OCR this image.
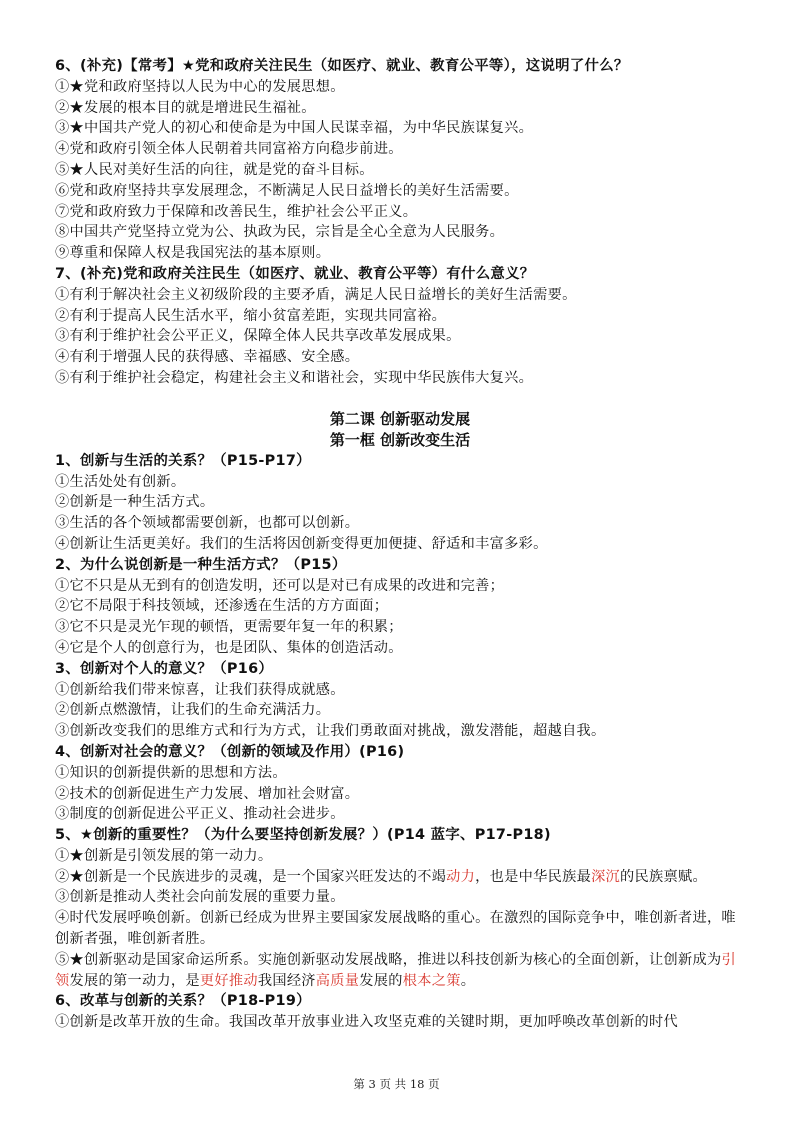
6、(补充)【常考】★党和政府关注民生（如医疗、就业、教育公平等），这说明了什么？
①★党和政府坚持以人民为中心的发展思想。
②★发展的根本目的就是增进民生福祉。
③★中国共产党人的初心和使命是为中国人民谋幸福，为中华民族谋复兴。
④党和政府引领全体人民朝着共同富裕方向稳步前进。
⑤★人民对美好生活的向往，就是党的奋斗目标。
⑥党和政府坚持共享发展理念，不断满足人民日益增长的美好生活需要。
⑦党和政府致力于保障和改善民生，维护社会公平正义。
⑧中国共产党坚持立党为公、执政为民，宗旨是全心全意为人民服务。
⑨尊重和保障人权是我国宪法的基本原则。
7、(补充)党和政府关注民生（如医疗、就业、教育公平等）有什么意义？
①有利于解决社会主义初级阶段的主要矛盾，满足人民日益增长的美好生活需要。
②有利于提高人民生活水平，缩小贫富差距，实现共同富裕。
③有利于维护社会公平正义，保障全体人民共享改革发展成果。
④有利于增强人民的获得感、幸福感、安全感。
⑤有利于维护社会稳定，构建社会主义和谐社会，实现中华民族伟大复兴。
第二课 创新驱动发展
第一框 创新改变生活
1、创新与生活的关系？（P15-P17）
①生活处处有创新。
②创新是一种生活方式。
③生活的各个领域都需要创新，也都可以创新。
④创新让生活更美好。我们的生活将因创新变得更加便捷、舒适和丰富多彩。
2、为什么说创新是一种生活方式？（P15）
①它不只是从无到有的创造发明，还可以是对已有成果的改进和完善；
②它不局限于科技领域，还渗透在生活的方方面面；
③它不只是灵光乍现的顿悟，更需要年复一年的积累；
④它是个人的创意行为，也是团队、集体的创造活动。
3、创新对个人的意义？（P16）
①创新给我们带来惊喜，让我们获得成就感。
②创新点燃激情，让我们的生命充满活力。
③创新改变我们的思维方式和行为方式，让我们勇敢面对挑战，激发潜能，超越自我。
4、创新对社会的意义？（创新的领域及作用）(P16)
①知识的创新提供新的思想和方法。
②技术的创新促进生产力发展、增加社会财富。
③制度的创新促进公平正义、推动社会进步。
5、★创新的重要性？（为什么要坚持创新发展？）(P14 蓝字、P17-P18)
①★创新是引领发展的第一动力。
②★创新是一个民族进步的灵魂，是一个国家兴旺发达的不竭动力，也是中华民族最深沉的民族禀赋。
③创新是推动人类社会向前发展的重要力量。
④时代发展呼唤创新。创新已经成为世界主要国家发展战略的重心。在激烈的国际竞争中，唯创新者进，唯创新者强，唯创新者胜。
⑤★创新驱动是国家命运所系。实施创新驱动发展战略，推进以科技创新为核心的全面创新，让创新成为引领发展的第一动力，是更好推动我国经济高质量发展的根本之策。
6、改革与创新的关系？（P18-P19）
①创新是改革开放的生命。我国改革开放事业进入攻坚克难的关键时期，更加呼唤改革创新的时代
第 3 页 共 18 页
